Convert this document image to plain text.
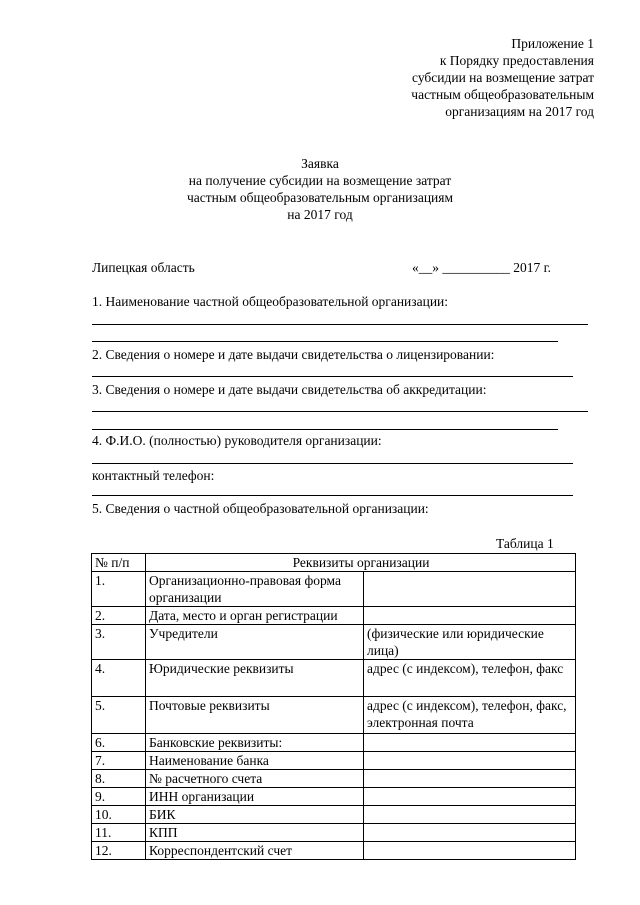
Приложение 1
к Порядку предоставления
субсидии на возмещение затрат
частным общеобразовательным
организациям на 2017 год
Заявка
на получение субсидии на возмещение затрат
частным общеобразовательным организациям
на 2017 год
Липецкая область	«__» __________ 2017 г.
1. Наименование частной общеобразовательной организации:
2. Сведения о номере и дате выдачи свидетельства о лицензировании:
3. Сведения о номере и дате выдачи свидетельства об аккредитации:
4. Ф.И.О. (полностью) руководителя организации:
контактный телефон:
5. Сведения о частной общеобразовательной организации:
Таблица 1
№ п/п	Реквизиты организации	
1.	Организационно-правовая форма организации	
2.	Дата, место и орган регистрации	
3.	Учредители	(физические или юридические лица)
4.	Юридические реквизиты	адрес (с индексом), телефон, факс
5.	Почтовые реквизиты	адрес (с индексом), телефон, факс, электронная почта
6.	Банковские реквизиты:	
7.	Наименование банка	
8.	№ расчетного счета	
9.	ИНН организации	
10.	БИК	
11.	КПП	
12.	Корреспондентский счет	
